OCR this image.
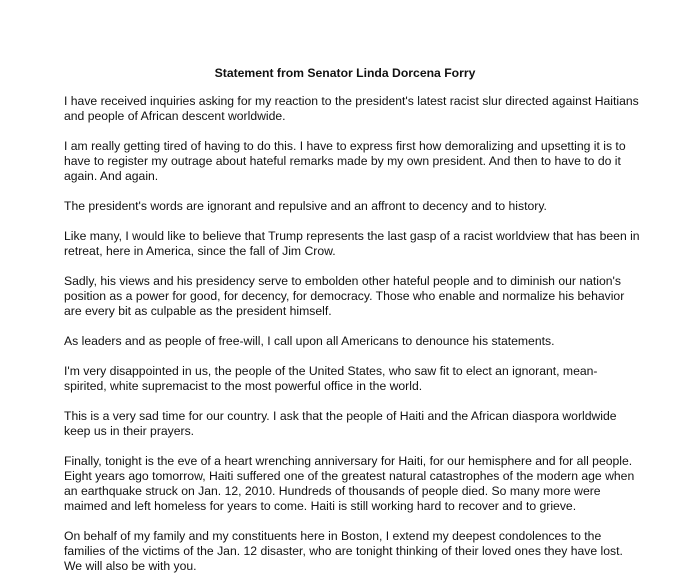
Statement from Senator Linda Dorcena Forry

I have received inquiries asking for my reaction to the president's latest racist slur directed against Haitians and people of African descent worldwide.

I am really getting tired of having to do this. I have to express first how demoralizing and upsetting it is to have to register my outrage about hateful remarks made by my own president. And then to have to do it again. And again.

The president's words are ignorant and repulsive and an affront to decency and to history.

Like many, I would like to believe that Trump represents the last gasp of a racist worldview that has been in retreat, here in America, since the fall of Jim Crow.

Sadly, his views and his presidency serve to embolden other hateful people and to diminish our nation's position as a power for good, for decency, for democracy. Those who enable and normalize his behavior are every bit as culpable as the president himself.

As leaders and as people of free-will, I call upon all Americans to denounce his statements.

I'm very disappointed in us, the people of the United States, who saw fit to elect an ignorant, mean-spirited, white supremacist to the most powerful office in the world.

This is a very sad time for our country. I ask that the people of Haiti and the African diaspora worldwide keep us in their prayers.

Finally, tonight is the eve of a heart wrenching anniversary for Haiti, for our hemisphere and for all people. Eight years ago tomorrow, Haiti suffered one of the greatest natural catastrophes of the modern age when an earthquake struck on Jan. 12, 2010. Hundreds of thousands of people died. So many more were maimed and left homeless for years to come. Haiti is still working hard to recover and to grieve.

On behalf of my family and my constituents here in Boston, I extend my deepest condolences to the families of the victims of the Jan. 12 disaster, who are tonight thinking of their loved ones they have lost. We will also be with you.
